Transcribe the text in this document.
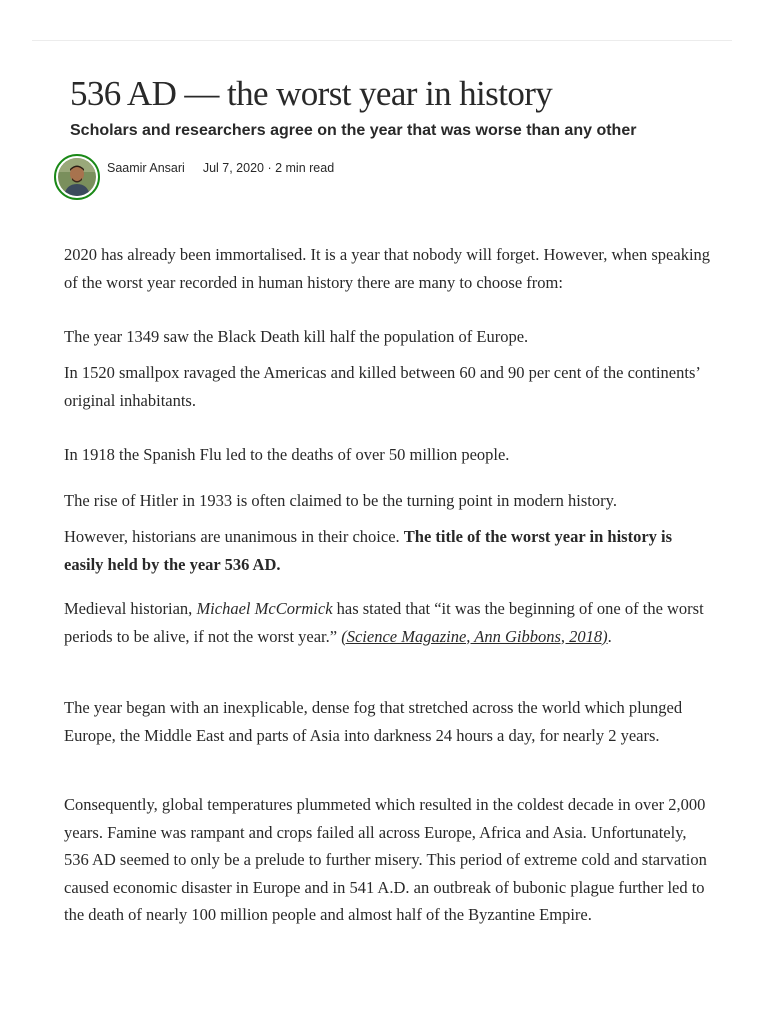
536 AD — the worst year in history
Scholars and researchers agree on the year that was worse than any other
Saamir Ansari Jul 7, 2020 · 2 min read

2020 has already been immortalised. It is a year that nobody will forget. However, when speaking of the worst year recorded in human history there are many to choose from:

The year 1349 saw the Black Death kill half the population of Europe.

In 1520 smallpox ravaged the Americas and killed between 60 and 90 per cent of the continents’ original inhabitants.

In 1918 the Spanish Flu led to the deaths of over 50 million people.

The rise of Hitler in 1933 is often claimed to be the turning point in modern history.

However, historians are unanimous in their choice. The title of the worst year in history is easily held by the year 536 AD.

Medieval historian, Michael McCormick has stated that “it was the beginning of one of the worst periods to be alive, if not the worst year.” (Science Magazine, Ann Gibbons, 2018).

The year began with an inexplicable, dense fog that stretched across the world which plunged Europe, the Middle East and parts of Asia into darkness 24 hours a day, for nearly 2 years.

Consequently, global temperatures plummeted which resulted in the coldest decade in over 2,000 years. Famine was rampant and crops failed all across Europe, Africa and Asia. Unfortunately, 536 AD seemed to only be a prelude to further misery. This period of extreme cold and starvation caused economic disaster in Europe and in 541 A.D. an outbreak of bubonic plague further led to the death of nearly 100 million people and almost half of the Byzantine Empire.
